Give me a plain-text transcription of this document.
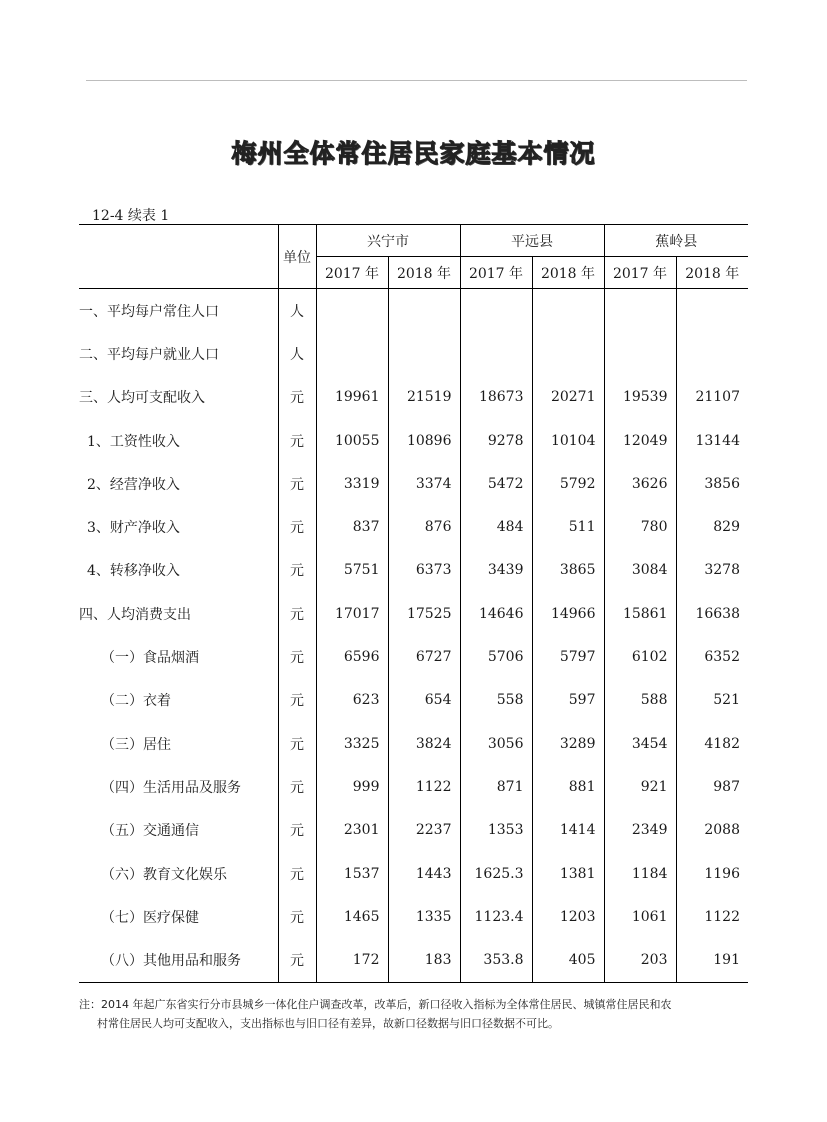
梅州全体常住居民家庭基本情况
12-4 续表 1
	单位	兴宁市		平远县		蕉岭县	
		2017 年	2018 年	2017 年	2018 年	2017 年	2018 年
一、平均每户常住人口	人						
二、平均每户就业人口	人						
三、人均可支配收入	元	19961	21519	18673	20271	19539	21107
1、工资性收入	元	10055	10896	9278	10104	12049	13144
2、经营净收入	元	3319	3374	5472	5792	3626	3856
3、财产净收入	元	837	876	484	511	780	829
4、转移净收入	元	5751	6373	3439	3865	3084	3278
四、人均消费支出	元	17017	17525	14646	14966	15861	16638
（一）食品烟酒	元	6596	6727	5706	5797	6102	6352
（二）衣着	元	623	654	558	597	588	521
（三）居住	元	3325	3824	3056	3289	3454	4182
（四）生活用品及服务	元	999	1122	871	881	921	987
（五）交通通信	元	2301	2237	1353	1414	2349	2088
（六）教育文化娱乐	元	1537	1443	1625.3	1381	1184	1196
（七）医疗保健	元	1465	1335	1123.4	1203	1061	1122
（八）其他用品和服务	元	172	183	353.8	405	203	191
注：2014 年起广东省实行分市县城乡一体化住户调查改革，改革后，新口径收入指标为全体常住居民、城镇常住居民和农
村常住居民人均可支配收入，支出指标也与旧口径有差异，故新口径数据与旧口径数据不可比。
